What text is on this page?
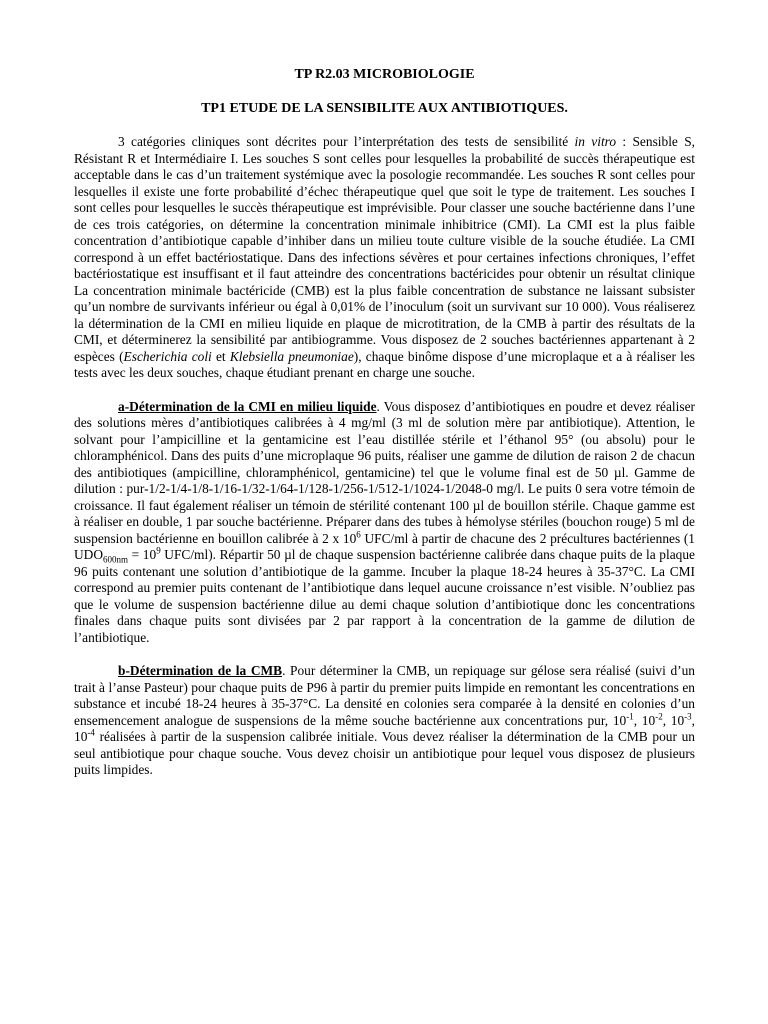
TP R2.03 MICROBIOLOGIE

TP1 ETUDE DE LA SENSIBILITE AUX ANTIBIOTIQUES.

3 catégories cliniques sont décrites pour l’interprétation des tests de sensibilité in vitro : Sensible S, Résistant R et Intermédiaire I. Les souches S sont celles pour lesquelles la probabilité de succès thérapeutique est acceptable dans le cas d’un traitement systémique avec la posologie recommandée. Les souches R sont celles pour lesquelles il existe une forte probabilité d’échec thérapeutique quel que soit le type de traitement. Les souches I sont celles pour lesquelles le succès thérapeutique est imprévisible. Pour classer une souche bactérienne dans l’une de ces trois catégories, on détermine la concentration minimale inhibitrice (CMI). La CMI est la plus faible concentration d’antibiotique capable d’inhiber dans un milieu toute culture visible de la souche étudiée. La CMI correspond à un effet bactériostatique. Dans des infections sévères et pour certaines infections chroniques, l’effet bactériostatique est insuffisant et il faut atteindre des concentrations bactéricides pour obtenir un résultat clinique La concentration minimale bactéricide (CMB) est la plus faible concentration de substance ne laissant subsister qu’un nombre de survivants inférieur ou égal à 0,01% de l’inoculum (soit un survivant sur 10 000). Vous réaliserez la détermination de la CMI en milieu liquide en plaque de microtitration, de la CMB à partir des résultats de la CMI, et déterminerez la sensibilité par antibiogramme. Vous disposez de 2 souches bactériennes appartenant à 2 espèces (Escherichia coli et Klebsiella pneumoniae), chaque binôme dispose d’une microplaque et a à réaliser les tests avec les deux souches, chaque étudiant prenant en charge une souche.

a-Détermination de la CMI en milieu liquide. Vous disposez d’antibiotiques en poudre et devez réaliser des solutions mères d’antibiotiques calibrées à 4 mg/ml (3 ml de solution mère par antibiotique). Attention, le solvant pour l’ampicilline et la gentamicine est l’eau distillée stérile et l’éthanol 95° (ou absolu) pour le chloramphénicol. Dans des puits d’une microplaque 96 puits, réaliser une gamme de dilution de raison 2 de chacun des antibiotiques (ampicilline, chloramphénicol, gentamicine) tel que le volume final est de 50 µl. Gamme de dilution : pur-1/2-1/4-1/8-1/16-1/32-1/64-1/128-1/256-1/512-1/1024-1/2048-0 mg/l. Le puits 0 sera votre témoin de croissance. Il faut également réaliser un témoin de stérilité contenant 100 µl de bouillon stérile. Chaque gamme est à réaliser en double, 1 par souche bactérienne. Préparer dans des tubes à hémolyse stériles (bouchon rouge) 5 ml de suspension bactérienne en bouillon calibrée à 2 x $10^6$ UFC/ml à partir de chacune des 2 précultures bactériennes (1 $UDO_{600nm} = 10^9$ UFC/ml). Répartir 50 µl de chaque suspension bactérienne calibrée dans chaque puits de la plaque 96 puits contenant une solution d’antibiotique de la gamme. Incuber la plaque 18-24 heures à 35-37°C. La CMI correspond au premier puits contenant de l’antibiotique dans lequel aucune croissance n’est visible. N’oubliez pas que le volume de suspension bactérienne dilue au demi chaque solution d’antibiotique donc les concentrations finales dans chaque puits sont divisées par 2 par rapport à la concentration de la gamme de dilution de l’antibiotique.

b-Détermination de la CMB. Pour déterminer la CMB, un repiquage sur gélose sera réalisé (suivi d’un trait à l’anse Pasteur) pour chaque puits de P96 à partir du premier puits limpide en remontant les concentrations en substance et incubé 18-24 heures à 35-37°C. La densité en colonies sera comparée à la densité en colonies d’un ensemencement analogue de suspensions de la même souche bactérienne aux concentrations pur, $10^{-1}$, $10^{-2}$, $10^{-3}$, $10^{-4}$ réalisées à partir de la suspension calibrée initiale. Vous devez réaliser la détermination de la CMB pour un seul antibiotique pour chaque souche. Vous devez choisir un antibiotique pour lequel vous disposez de plusieurs puits limpides.
